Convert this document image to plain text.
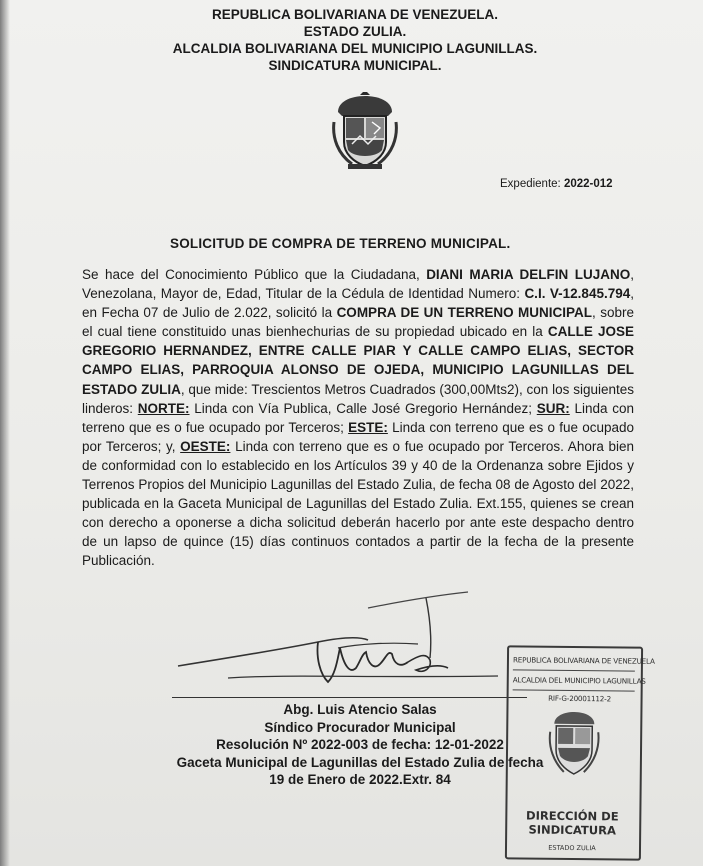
REPUBLICA BOLIVARIANA DE VENEZUELA.
ESTADO ZULIA.
ALCALDIA BOLIVARIANA DEL MUNICIPIO LAGUNILLAS.
SINDICATURA MUNICIPAL.
Expediente: 2022-012
SOLICITUD DE COMPRA DE TERRENO MUNICIPAL.
Se hace del Conocimiento Público que la Ciudadana, DIANI MARIA DELFIN LUJANO, Venezolana, Mayor de, Edad, Titular de la Cédula de Identidad Numero: C.I. V-12.845.794, en Fecha 07 de Julio de 2.022, solicitó la COMPRA DE UN TERRENO MUNICIPAL, sobre el cual tiene constituido unas bienhechurias de su propiedad ubicado en la CALLE JOSE GREGORIO HERNANDEZ, ENTRE CALLE PIAR Y CALLE CAMPO ELIAS, SECTOR CAMPO ELIAS, PARROQUIA ALONSO DE OJEDA, MUNICIPIO LAGUNILLAS DEL ESTADO ZULIA, que mide: Trescientos Metros Cuadrados (300,00Mts2), con los siguientes linderos: NORTE: Linda con Vía Publica, Calle José Gregorio Hernández; SUR: Linda con terreno que es o fue ocupado por Terceros; ESTE: Linda con terreno que es o fue ocupado por Terceros; y, OESTE: Linda con terreno que es o fue ocupado por Terceros. Ahora bien de conformidad con lo establecido en los Artículos 39 y 40 de la Ordenanza sobre Ejidos y Terrenos Propios del Municipio Lagunillas del Estado Zulia, de fecha 08 de Agosto del 2022, publicada en la Gaceta Municipal de Lagunillas del Estado Zulia. Ext.155, quienes se crean con derecho a oponerse a dicha solicitud deberán hacerlo por ante este despacho dentro de un lapso de quince (15) días continuos contados a partir de la fecha de la presente Publicación.
Abg. Luis Atencio Salas
Síndico Procurador Municipal
Resolución Nº 2022-003 de fecha: 12-01-2022
Gaceta Municipal de Lagunillas del Estado Zulia de fecha
19 de Enero de 2022.Extr. 84
REPUBLICA BOLIVARIANA DE VENEZUELA
ALCALDIA DEL MUNICIPIO LAGUNILLAS
RIF-G-20001112-2
DIRECCIÓN DE
SINDICATURA
ESTADO ZULIA
